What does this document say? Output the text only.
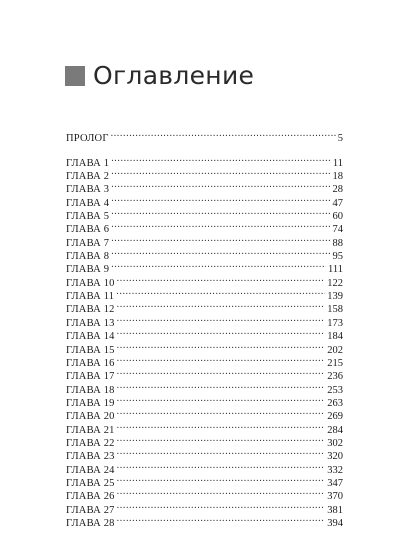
Оглавление
ПРОЛОГ .....	5
ГЛАВА 1 .....	11
ГЛАВА 2 .....	18
ГЛАВА 3 .....	28
ГЛАВА 4 .....	47
ГЛАВА 5 .....	60
ГЛАВА 6 .....	74
ГЛАВА 7 .....	88
ГЛАВА 8 .....	95
ГЛАВА 9 .....	111
ГЛАВА 10 .....	122
ГЛАВА 11 .....	139
ГЛАВА 12 .....	158
ГЛАВА 13 .....	173
ГЛАВА 14 .....	184
ГЛАВА 15 .....	202
ГЛАВА 16 .....	215
ГЛАВА 17 .....	236
ГЛАВА 18 .....	253
ГЛАВА 19 .....	263
ГЛАВА 20 .....	269
ГЛАВА 21 .....	284
ГЛАВА 22 .....	302
ГЛАВА 23 .....	320
ГЛАВА 24 .....	332
ГЛАВА 25 .....	347
ГЛАВА 26 .....	370
ГЛАВА 27 .....	381
ГЛАВА 28 .....	394
